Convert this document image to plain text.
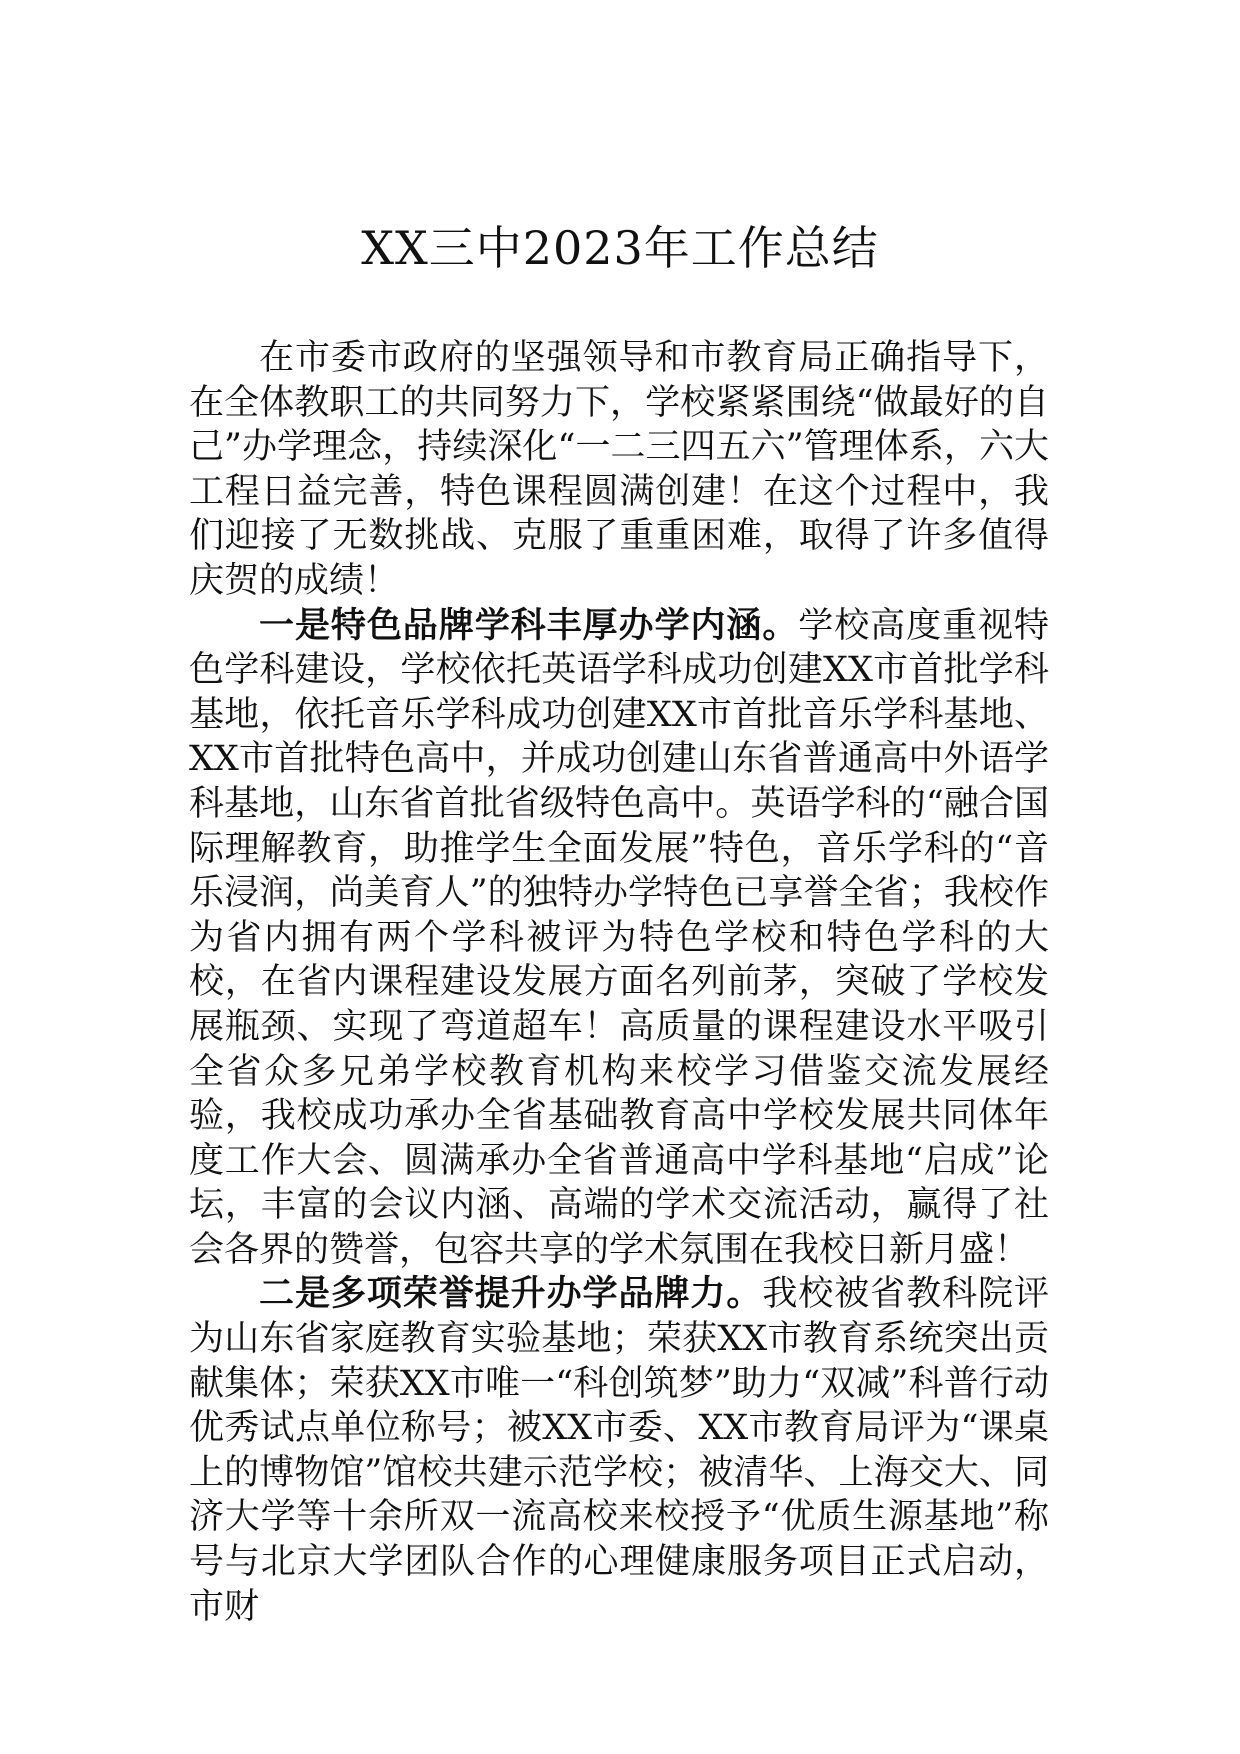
XX三中2023年工作总结

在市委市政府的坚强领导和市教育局正确指导下，在全体教职工的共同努力下，学校紧紧围绕“做最好的自己”办学理念，持续深化“一二三四五六”管理体系，六大工程日益完善，特色课程圆满创建！在这个过程中，我们迎接了无数挑战、克服了重重困难，取得了许多值得庆贺的成绩！

一是特色品牌学科丰厚办学内涵。学校高度重视特色学科建设，学校依托英语学科成功创建XX市首批学科基地，依托音乐学科成功创建XX市首批音乐学科基地、XX市首批特色高中，并成功创建山东省普通高中外语学科基地，山东省首批省级特色高中。英语学科的“融合国际理解教育，助推学生全面发展”特色，音乐学科的“音乐浸润，尚美育人”的独特办学特色已享誉全省；我校作为省内拥有两个学科被评为特色学校和特色学科的大校，在省内课程建设发展方面名列前茅，突破了学校发展瓶颈、实现了弯道超车！高质量的课程建设水平吸引全省众多兄弟学校教育机构来校学习借鉴交流发展经验，我校成功承办全省基础教育高中学校发展共同体年度工作大会、圆满承办全省普通高中学科基地“启成”论坛，丰富的会议内涵、高端的学术交流活动，赢得了社会各界的赞誉，包容共享的学术氛围在我校日新月盛！

二是多项荣誉提升办学品牌力。我校被省教科院评为山东省家庭教育实验基地；荣获XX市教育系统突出贡献集体；荣获XX市唯一“科创筑梦”助力“双减”科普行动优秀试点单位称号；被XX市委、XX市教育局评为“课桌上的博物馆”馆校共建示范学校；被清华、上海交大、同济大学等十余所双一流高校来校授予“优质生源基地”称号与北京大学团队合作的心理健康服务项目正式启动，市财
